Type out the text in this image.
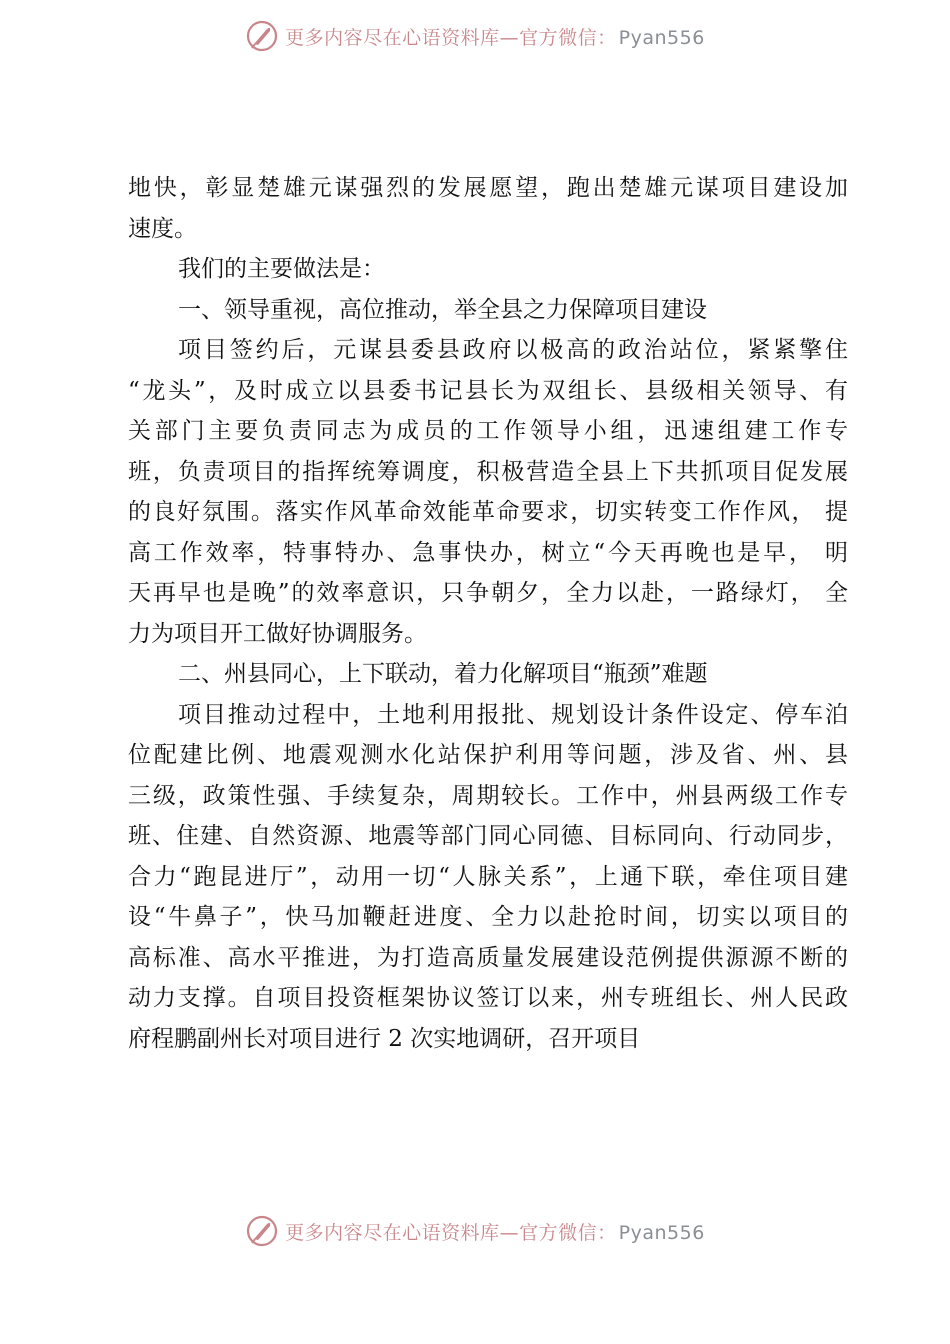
更多内容尽在心语资料库—官方微信： Pyan556
地快，彰显楚雄元谋强烈的发展愿望，跑出楚雄元谋项目建设加
速度。
我们的主要做法是：
一、领导重视，高位推动，举全县之力保障项目建设
项目签约后，元谋县委县政府以极高的政治站位，紧紧擎住
“龙头”，及时成立以县委书记县长为双组长、县级相关领导、有
关部门主要负责同志为成员的工作领导小组，迅速组建工作专
班，负责项目的指挥统筹调度，积极营造全县上下共抓项目促发展
的良好氛围。落实作风革命效能革命要求，切实转变工作作风， 提
高工作效率，特事特办、急事快办，树立“今天再晚也是早， 明
天再早也是晚”的效率意识，只争朝夕，全力以赴，一路绿灯， 全
力为项目开工做好协调服务。
二、州县同心，上下联动，着力化解项目“瓶颈”难题
项目推动过程中，土地利用报批、规划设计条件设定、停车泊
位配建比例、地震观测水化站保护利用等问题，涉及省、州、县
三级，政策性强、手续复杂，周期较长。工作中，州县两级工作专
班、住建、自然资源、地震等部门同心同德、目标同向、行动同步，
合力“跑昆进厅”，动用一切“人脉关系”，上通下联，牵住项目建
设“牛鼻子”，快马加鞭赶进度、全力以赴抢时间，切实以项目的
高标准、高水平推进，为打造高质量发展建设范例提供源源不断的
动力支撑。自项目投资框架协议签订以来，州专班组长、州人民政
府程鹏副州长对项目进行 2 次实地调研，召开项目
更多内容尽在心语资料库—官方微信： Pyan556
